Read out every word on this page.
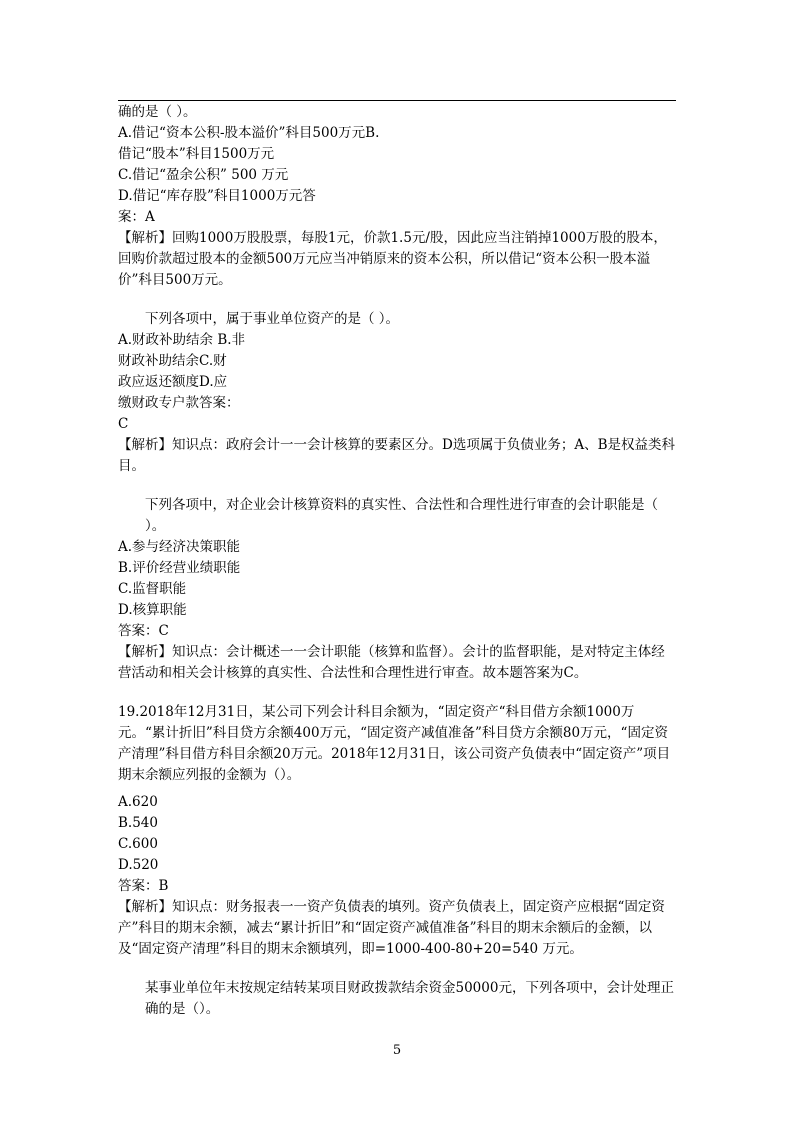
确的是（ ）。

A.借记“资本公积-股本溢价”科目500万元B.

借记“股本”科目1500万元

C.借记“盈余公积” 500 万元

D.借记“库存股”科目1000万元答

案：A

【解析】回购1000万股股票，每股1元，价款1.5元/股，因此应当注销掉1000万股的股本，回购价款超过股本的金额500万元应当冲销原来的资本公积，所以借记“资本公积一股本溢价”科目500万元。

下列各项中，属于事业单位资产的是（ ）。

A.财政补助结余 B.非

财政补助结余C.财

政应返还额度D.应

缴财政专户款答案：

C

【解析】知识点：政府会计一一会计核算的要素区分。D选项属于负债业务；A、B是权益类科目。

下列各项中，对企业会计核算资料的真实性、合法性和合理性进行审查的会计职能是（ ）。

A.参与经济决策职能

B.评价经营业绩职能

C.监督职能

D.核算职能

答案：C

【解析】知识点：会计概述一一会计职能（核算和监督）。会计的监督职能，是对特定主体经营活动和相关会计核算的真实性、合法性和合理性进行审查。故本题答案为C。

19.2018年12月31日，某公司下列会计科目余额为，“固定资产“科目借方余额1000万元。“累计折旧”科目贷方余额400万元，“固定资产减值准备”科目贷方余额80万元，“固定资产清理”科目借方科目余额20万元。2018年12月31日，该公司资产负债表中“固定资产”项目期末余额应列报的金额为（）。

A.620

B.540

C.600

D.520

答案：B

【解析】知识点：财务报表一一资产负债表的填列。资产负债表上，固定资产应根据“固定资产”科目的期末余额，减去“累计折旧”和“固定资产减值准备”科目的期末余额后的金额，以及“固定资产清理”科目的期末余额填列，即=1000-400-80+20=540 万元。

某事业单位年末按规定结转某项目财政拨款结余资金50000元，下列各项中，会计处理正确的是（）。

5
